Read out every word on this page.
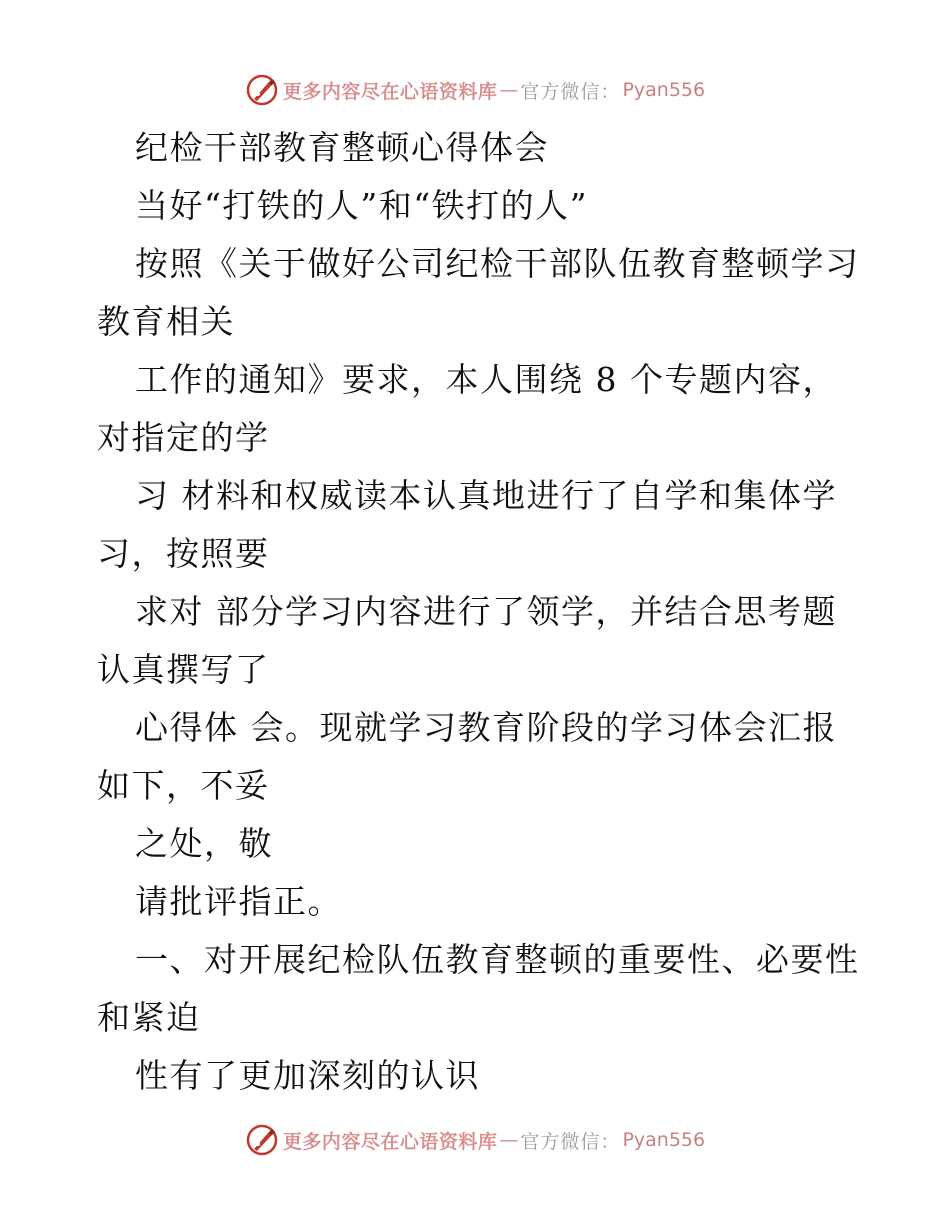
更多内容尽在心语资料库 — 官方微信： Pyan556
纪检干部教育整顿心得体会
当好“打铁的人”和“铁打的人”
按照《关于做好公司纪检干部队伍教育整顿学习
教育相关
工作的通知》要求，本人围绕 8 个专题内容，
对指定的学
习 材料和权威读本认真地进行了自学和集体学
习，按照要
求对 部分学习内容进行了领学，并结合思考题
认真撰写了
心得体 会。现就学习教育阶段的学习体会汇报
如下，不妥
之处，敬
请批评指正。
一、对开展纪检队伍教育整顿的重要性、必要性
和紧迫
性有了更加深刻的认识
更多内容尽在心语资料库 — 官方微信： Pyan556
